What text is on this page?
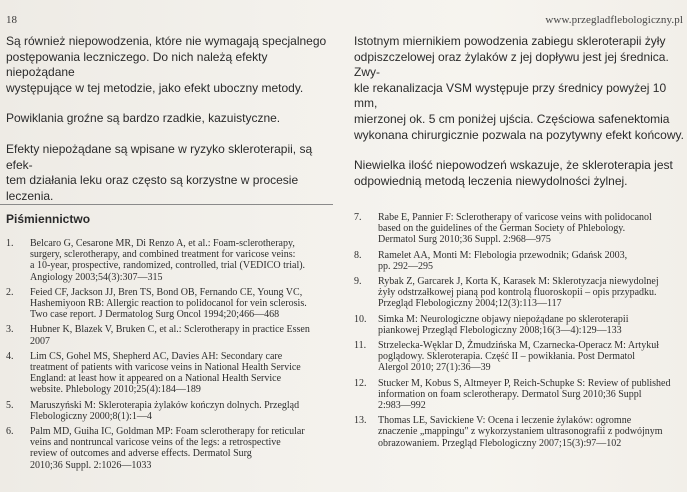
18	www.przegladflebologiczny.pl

Są również niepowodzenia, które nie wymagają specjalnego
postępowania leczniczego. Do nich należą efekty niepożądane
występujące w tej metodzie, jako efekt uboczny metody.

Powiklania groźne są bardzo rzadkie, kazuistyczne.

Efekty niepożądane są wpisane w ryzyko skleroterapii, są efek-
tem działania leku oraz często są korzystne w procesie leczenia.

Istotnym miernikiem powodzenia zabiegu skleroterapii żyły
odpiszczelowej oraz żylaków z jej dopływu jest jej średnica. Zwy-
kle rekanalizacja VSM występuje przy średnicy powyżej 10 mm,
mierzonej ok. 5 cm poniżej ujścia. Częściowa safenektomia
wykonana chirurgicznie pozwala na pozytywny efekt końcowy.

Niewielka ilość niepowodzeń wskazuje, że skleroterapia jest
odpowiednią metodą leczenia niewydolności żylnej.

Piśmiennictwo
1.	Belcaro G, Cesarone MR, Di Renzo A, et al.: Foam-sclerotherapy,
surgery, sclerotherapy, and combined treatment for varicose veins:
a 10-year, prospective, randomized, controlled, trial (VEDICO trial).
Angiology 2003;54(3):307—315
2.	Feied CF, Jackson JJ, Bren TS, Bond OB, Fernando CE, Young VC,
Hashemiyoon RB: Allergic reaction to polidocanol for vein sclerosis.
Two case report. J Dermatolog Surg Oncol 1994;20;466—468
3.	Hubner K, Blazek V, Bruken C, et al.: Sclerotherapy in practice Essen
2007
4.	Lim CS, Gohel MS, Shepherd AC, Davies AH: Secondary care
treatment of patients with varicose veins in National Health Service
England: at least how it appeared on a National Health Service
website. Phlebology 2010;25(4):184—189
5.	Maruszyński M: Skleroterapia żylaków kończyn dolnych. Przegląd
Flebologiczny 2000;8(1):1—4
6.	Palm MD, Guiha IC, Goldman MP: Foam sclerotherapy for reticular
veins and nontruncal varicose veins of the legs: a retrospective
review of outcomes and adverse effects. Dermatol Surg
2010;36 Suppl. 2:1026—1033
7.	Rabe E, Pannier F: Sclerotherapy of varicose veins with polidocanol
based on the guidelines of the German Society of Phlebology.
Dermatol Surg 2010;36 Suppl. 2:968—975
8.	Ramelet AA, Monti M: Flebologia przewodnik; Gdańsk 2003,
pp. 292—295
9.	Rybak Z, Garcarek J, Korta K, Karasek M: Sklerotyzacja niewydolnej
żyły odstrzałkowej pianą pod kontrolą fluoroskopii – opis przypadku.
Przegląd Flebologiczny 2004;12(3):113—117
10.	Simka M: Neurologiczne objawy niepożądane po skleroterapii
piankowej Przegląd Flebologiczny 2008;16(3—4):129—133
11.	Strzelecka-Węklar D, Żmudzińska M, Czarnecka-Operacz M: Artykuł
poglądowy. Skleroterapia. Część II – powikłania. Post Dermatol
Alergol 2010; 27(1):36—39
12.	Stucker M, Kobus S, Altmeyer P, Reich-Schupke S: Review of published
information on foam sclerotherapy. Dermatol Surg 2010;36 Suppl
2:983—992
13.	Thomas LE, Savickiene V: Ocena i leczenie żylaków: ogromne
znaczenie „mappingu" z wykorzystaniem ultrasonografii z podwójnym
obrazowaniem. Przegląd Flebologiczny 2007;15(3):97—102
